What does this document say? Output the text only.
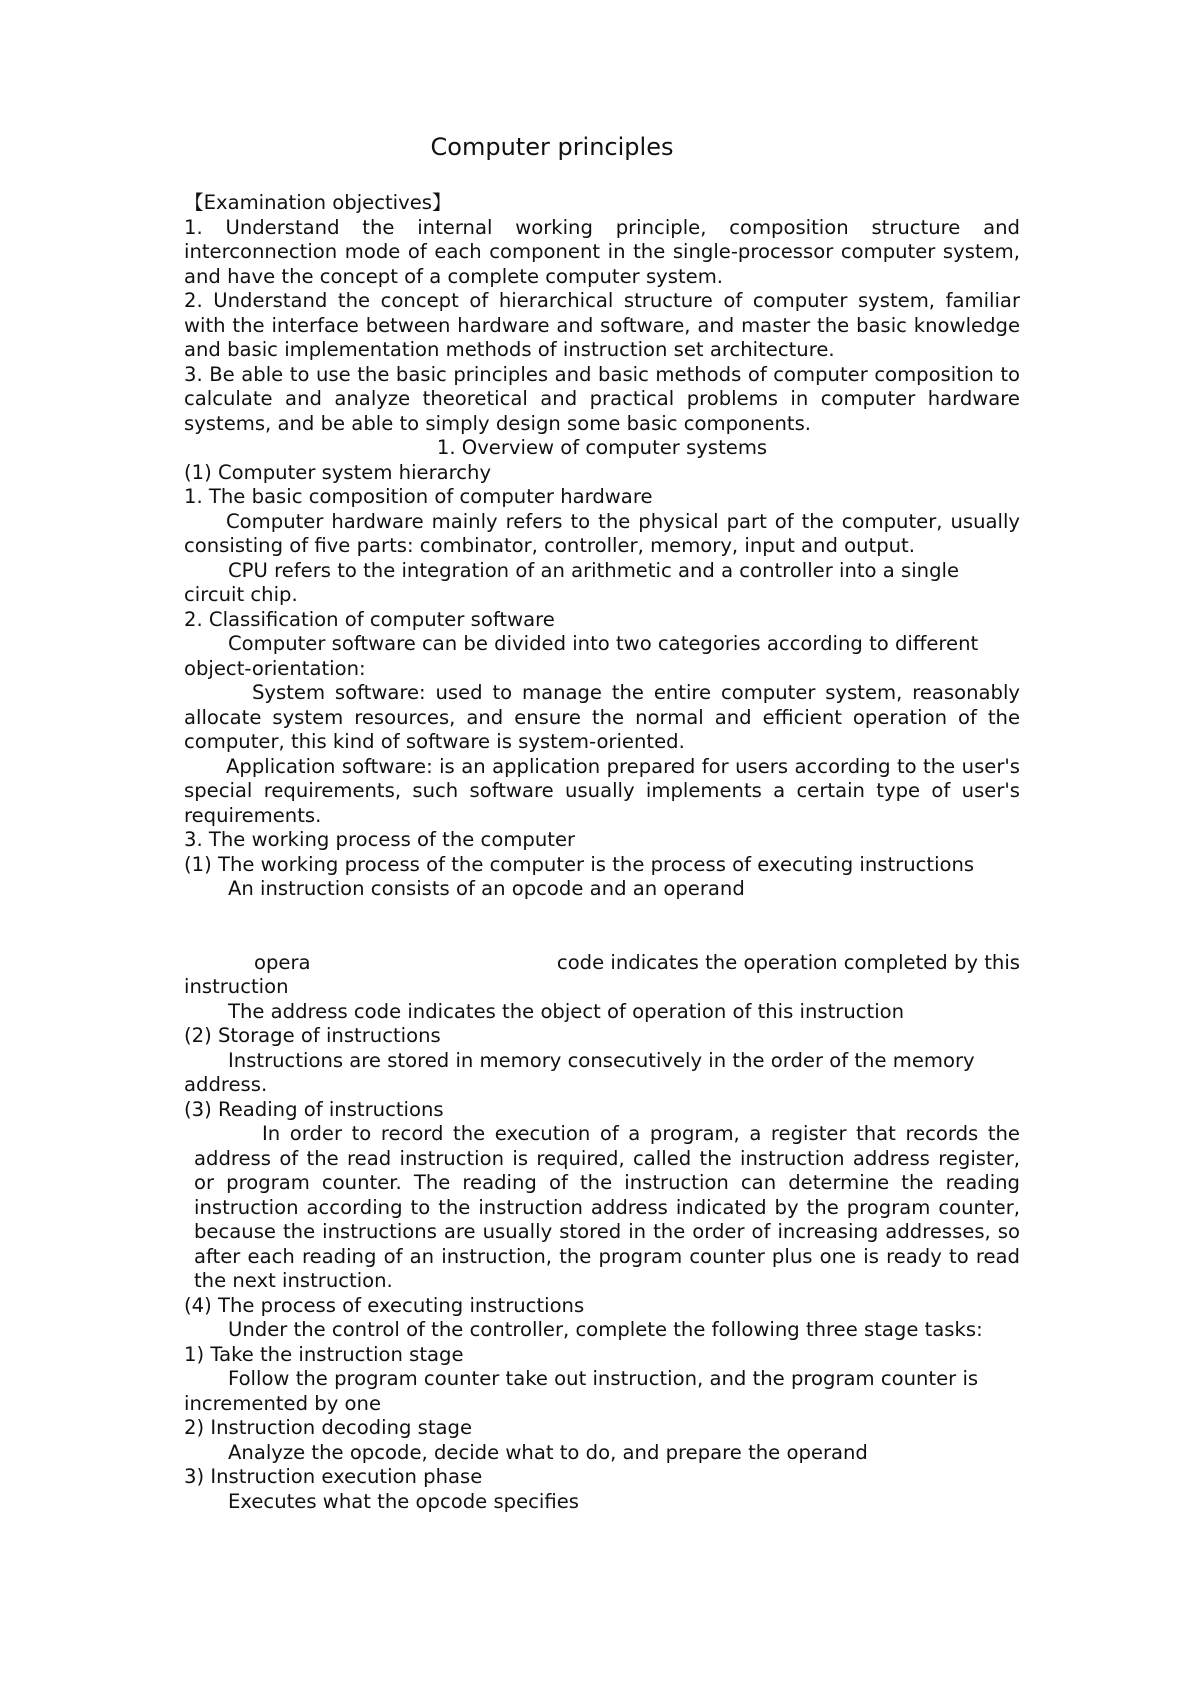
Computer principles

【Examination objectives】

1. Understand the internal working principle, composition structure and interconnection mode of each component in the single-processor computer system, and have the concept of a complete computer system.

2. Understand the concept of hierarchical structure of computer system, familiar with the interface between hardware and software, and master the basic knowledge and basic implementation methods of instruction set architecture.

3. Be able to use the basic principles and basic methods of computer composition to calculate and analyze theoretical and practical problems in computer hardware systems, and be able to simply design some basic components.

1. Overview of computer systems

(1) Computer system hierarchy

1. The basic composition of computer hardware

Computer hardware mainly refers to the physical part of the computer, usually consisting of five parts: combinator, controller, memory, input and output.

CPU refers to the integration of an arithmetic and a controller into a single circuit chip.

2. Classification of computer software

Computer software can be divided into two categories according to different object-orientation:

System software: used to manage the entire computer system, reasonably allocate system resources, and ensure the normal and efficient operation of the computer, this kind of software is system-oriented.

Application software: is an application prepared for users according to the user's special requirements, such software usually implements a certain type of user's requirements.

3. The working process of the computer

(1) The working process of the computer is the process of executing instructions

An instruction consists of an opcode and an operand

opera	code indicates the operation completed by this

instruction

The address code indicates the object of operation of this instruction

(2) Storage of instructions

Instructions are stored in memory consecutively in the order of the memory address.

(3) Reading of instructions

In order to record the execution of a program, a register that records the address of the read instruction is required, called the instruction address register, or program counter. The reading of the instruction can determine the reading instruction according to the instruction address indicated by the program counter, because the instructions are usually stored in the order of increasing addresses, so after each reading of an instruction, the program counter plus one is ready to read the next instruction.

(4) The process of executing instructions

Under the control of the controller, complete the following three stage tasks:

1) Take the instruction stage

Follow the program counter take out instruction, and the program counter is incremented by one

2) Instruction decoding stage

Analyze the opcode, decide what to do, and prepare the operand

3) Instruction execution phase

Executes what the opcode specifies
